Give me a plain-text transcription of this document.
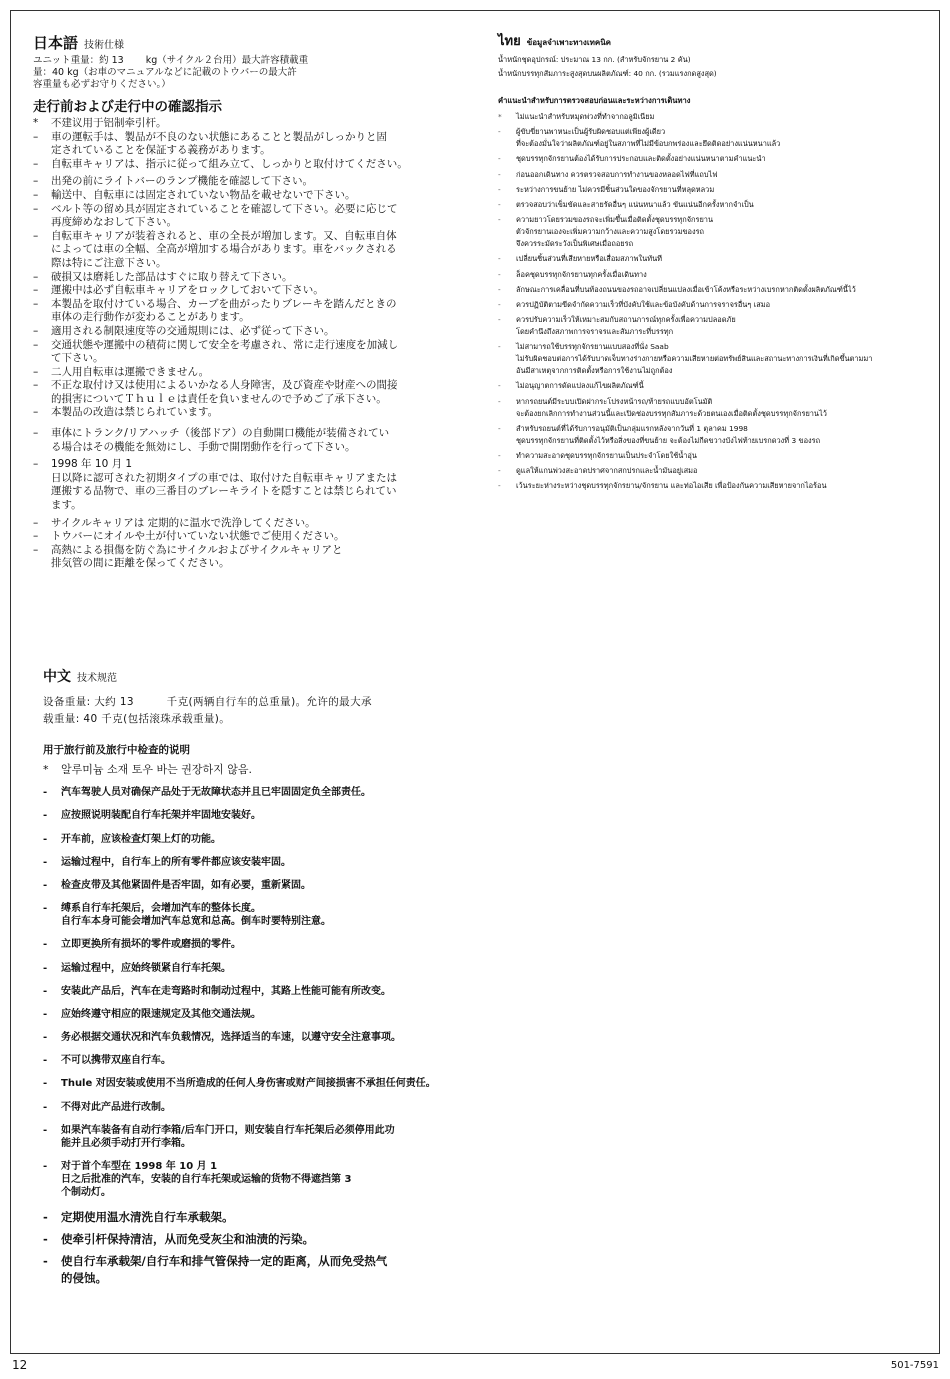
日本語 技術仕様
ユニット重量：約 13　　 kg（サイクル２台用）最大許容積載重
量：40 kg（お車のマニュアルなどに記載のトウバーの最大許
容重量も必ずお守りください。）
走行前および走行中の確認指示
* 不建议用于铝制牵引杆。
– 車の運転手は、製品が不良のない状態にあることと製品がしっかりと固
定されていることを保証する義務があります。
– 自転車キャリアは、指示に従って組み立て、しっかりと取付けてください。
– 出発の前にライトバーのランプ機能を確認して下さい。
– 輸送中、自転車には固定されていない物品を載せないで下さい。
– ベルト等の留め具が固定されていることを確認して下さい。必要に応じて
再度締めなおして下さい。
– 自転車キャリアが装着されると、車の全長が増加します。又、自転車自体
によっては車の全幅、全高が増加する場合があります。車をバックされる
際は特にご注意下さい。
– 破損又は磨耗した部品はすぐに取り替えて下さい。
– 運搬中は必ず自転車キャリアをロックしておいて下さい。
– 本製品を取付けている場合、カーブを曲がったりブレーキを踏んだときの
車体の走行動作が変わることがあります。
– 適用される制限速度等の交通規則には、必ず従って下さい。
– 交通状態や運搬中の積荷に関して安全を考慮され、常に走行速度を加減し
て下さい。
– 二人用自転車は運搬できません。
– 不正な取付け又は使用によるいかなる人身障害，及び資産や財産への間接
的損害についてＴｈｕｌｅは責任を負いませんので予めご了承下さい。
– 本製品の改造は禁じられています。
– 車体にトランク/リアハッチ（後部ドア）の自動開口機能が装備されてい
る場合はその機能を無効にし、手動で開閉動作を行って下さい。
– 1998 年 10 月 1
日以降に認可された初期タイプの車では、取付けた自転車キャリアまたは
運搬する品物で、車の三番目のブレーキライトを隠すことは禁じられてい
ます。
– サイクルキャリアは 定期的に温水で洗浄してください。
– トウバーにオイルや土が付いていない状態でご使用ください。
– 高熱による損傷を防ぐ為にサイクルおよびサイクルキャリアと
排気管の間に距離を保ってください。
ไทย ข้อมูลจำเพาะทางเทคนิค
น้ำหนักชุดอุปกรณ์: ประมาณ 13 กก. (สำหรับจักรยาน 2 คัน)
น้ำหนักบรรทุกสัมภาระสูงสุดบนผลิตภัณฑ์: 40 กก. (รวมแรงกดสูงสุด)
คำแนะนำสำหรับการตรวจสอบก่อนและระหว่างการเดินทาง
* ไม่แนะนำสำหรับหมุดพ่วงที่ทำจากอลูมิเนียม
- ผู้ขับขี่ยานพาหนะเป็นผู้รับผิดชอบแต่เพียงผู้เดียว
ที่จะต้องมั่นใจว่าผลิตภัณฑ์อยู่ในสภาพที่ไม่มีข้อบกพร่องและยึดติดอย่างแน่นหนาแล้ว
- ชุดบรรทุกจักรยานต้องได้รับการประกอบและติดตั้งอย่างแน่นหนาตามคำแนะนำ
- ก่อนออกเดินทาง ควรตรวจสอบการทำงานของหลอดไฟที่แถบไฟ
- ระหว่างการขนย้าย ไม่ควรมีชิ้นส่วนใดของจักรยานที่หลุดหลวม
- ตรวจสอบว่าเข็มขัดและสายรัดอื่นๆ แน่นหนาแล้ว ขันแน่นอีกครั้งหากจำเป็น
- ความยาวโดยรวมของรถจะเพิ่มขึ้นเมื่อติดตั้งชุดบรรทุกจักรยาน
ตัวจักรยานเองจะเพิ่มความกว้างและความสูงโดยรวมของรถ
จึงควรระมัดระวังเป็นพิเศษเมื่อถอยรถ
- เปลี่ยนชิ้นส่วนที่เสียหายหรือเสื่อมสภาพในทันที
- ล็อคชุดบรรทุกจักรยานทุกครั้งเมื่อเดินทาง
- ลักษณะการเคลื่อนที่บนท้องถนนของรถอาจเปลี่ยนแปลงเมื่อเข้าโค้งหรือระหว่างเบรกหากติดตั้งผลิตภัณฑ์นี้ไว้
- ควรปฏิบัติตามขีดจำกัดความเร็วที่บังคับใช้และข้อบังคับด้านการจราจรอื่นๆ เสมอ
- ควรปรับความเร็วให้เหมาะสมกับสถานการณ์ทุกครั้งเพื่อความปลอดภัย
โดยคำนึงถึงสภาพการจราจรและสัมภาระที่บรรทุก
- ไม่สามารถใช้บรรทุกจักรยานแบบสองที่นั่ง Saab
ไม่รับผิดชอบต่อการได้รับบาดเจ็บทางร่างกายหรือความเสียหายต่อทรัพย์สินและสถานะทางการเงินที่เกิดขึ้นตามมา
อันมีสาเหตุจากการติดตั้งหรือการใช้งานไม่ถูกต้อง
- ไม่อนุญาตการดัดแปลงแก้ไขผลิตภัณฑ์นี้
- หากรถยนต์มีระบบเปิดฝากระโปรงหน้ารถ/ท้ายรถแบบอัตโนมัติ
จะต้องยกเลิกการทำงานส่วนนี้และเปิดช่องบรรทุกสัมภาระด้วยตนเองเมื่อติดตั้งชุดบรรทุกจักรยานไว้
- สำหรับรถยนต์ที่ได้รับการอนุมัติเป็นกลุ่มแรกหลังจากวันที่ 1 ตุลาคม 1998
ชุดบรรทุกจักรยานที่ติดตั้งไว้หรือสิ่งของที่ขนย้าย จะต้องไม่กีดขวางบังไฟท้ายเบรกดวงที่ 3 ของรถ
- ทำความสะอาดชุดบรรทุกจักรยานเป็นประจำโดยใช้น้ำอุ่น
- ดูแลให้แกนพ่วงสะอาดปราศจากสกปรกและน้ำมันอยู่เสมอ
- เว้นระยะห่างระหว่างชุดบรรทุกจักรยาน/จักรยาน และท่อไอเสีย เพื่อป้องกันความเสียหายจากไอร้อน
中文 技术规范
设备重量: 大约 13　　　千克(两辆自行车的总重量)。允许的最大承
载重量: 40 千克(包括滚珠承载重量)。
用于旅行前及旅行中检查的说明
* 알루미늄 소재 토우 바는 권장하지 않음.
- 汽车驾驶人员对确保产品处于无故障状态并且已牢固固定负全部责任。
- 应按照说明装配自行车托架并牢固地安装好。
- 开车前，应该检查灯架上灯的功能。
- 运输过程中，自行车上的所有零件都应该安装牢固。
- 检查皮带及其他紧固件是否牢固，如有必要，重新紧固。
- 缚系自行车托架后，会增加汽车的整体长度。
自行车本身可能会增加汽车总宽和总高。倒车时要特别注意。
- 立即更换所有损坏的零件或磨损的零件。
- 运输过程中，应始终锁紧自行车托架。
- 安装此产品后，汽车在走弯路时和制动过程中，其路上性能可能有所改变。
- 应始终遵守相应的限速规定及其他交通法规。
- 务必根据交通状况和汽车负载情况，选择适当的车速，以遵守安全注意事项。
- 不可以携带双座自行车。
- Thule 对因安装或使用不当所造成的任何人身伤害或财产间接损害不承担任何责任。
- 不得对此产品进行改制。
- 如果汽车装备有自动行李箱/后车门开口，则安装自行车托架后必须停用此功
能并且必须手动打开行李箱。
- 对于首个车型在 1998 年 10 月 1
日之后批准的汽车，安装的自行车托架或运输的货物不得遮挡第 3
个制动灯。
- 定期使用温水清洗自行车承载架。
- 使牵引杆保持清洁，从而免受灰尘和油渍的污染。
- 使自行车承载架/自行车和排气管保持一定的距离，从而免受热气
的侵蚀。
12	501-7591
